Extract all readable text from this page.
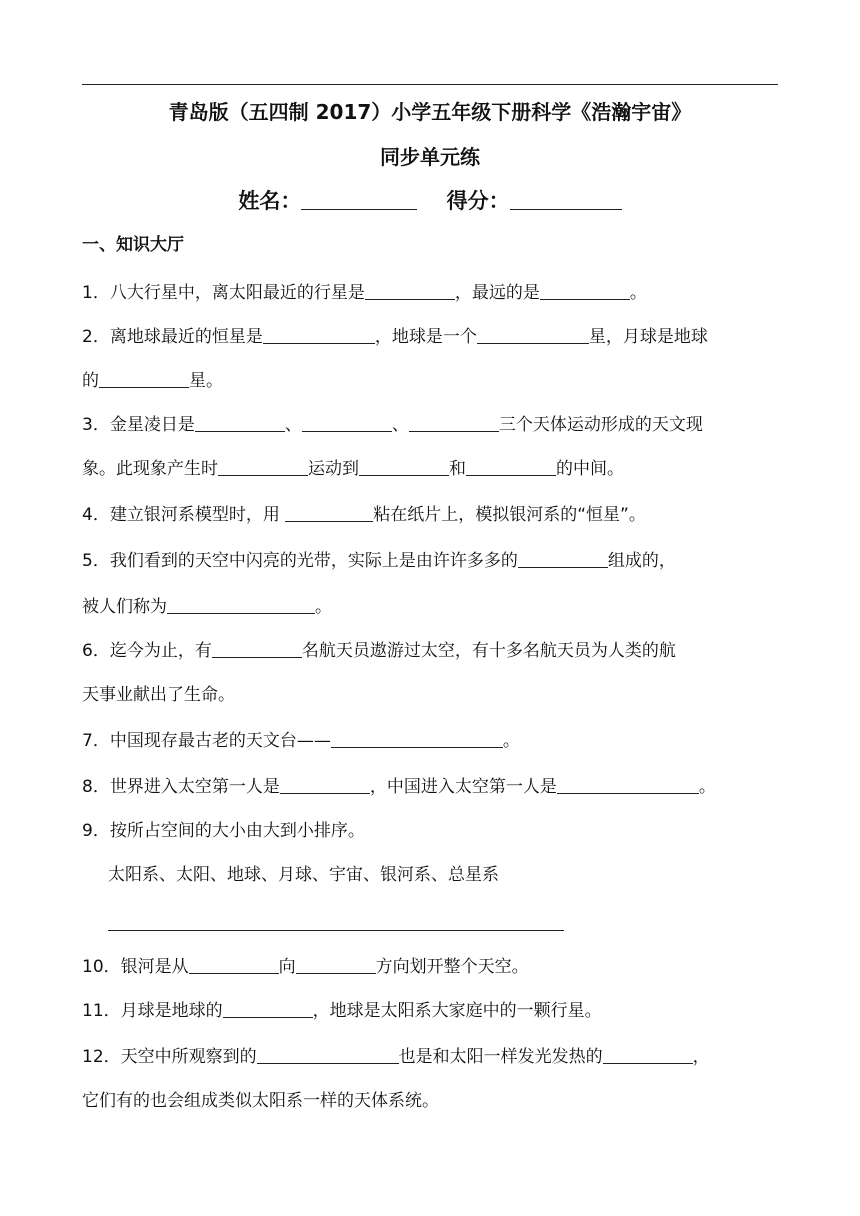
青岛版（五四制 2017）小学五年级下册科学《浩瀚宇宙》
同步单元练
姓名：	得分：
一、知识大厅
1．八大行星中，离太阳最近的行星是	，最远的是	。
2．离地球最近的恒星是	，地球是一个	星，月球是地球
的	星。
3．金星凌日是	、	、	三个天体运动形成的天文现
象。此现象产生时	运动到	和	的中间。
4．建立银河系模型时，用	粘在纸片上，模拟银河系的“恒星”。
5．我们看到的天空中闪亮的光带，实际上是由许许多多的	组成的，
被人们称为	。
6．迄今为止，有	名航天员遨游过太空，有十多名航天员为人类的航
天事业献出了生命。
7．中国现存最古老的天文台——	。
8．世界进入太空第一人是	，中国进入太空第一人是	。
9．按所占空间的大小由大到小排序。
太阳系、太阳、地球、月球、宇宙、银河系、总星系
10．银河是从	向	方向划开整个天空。
11．月球是地球的	，地球是太阳系大家庭中的一颗行星。
12．天空中所观察到的	也是和太阳一样发光发热的	，
它们有的也会组成类似太阳系一样的天体系统。
